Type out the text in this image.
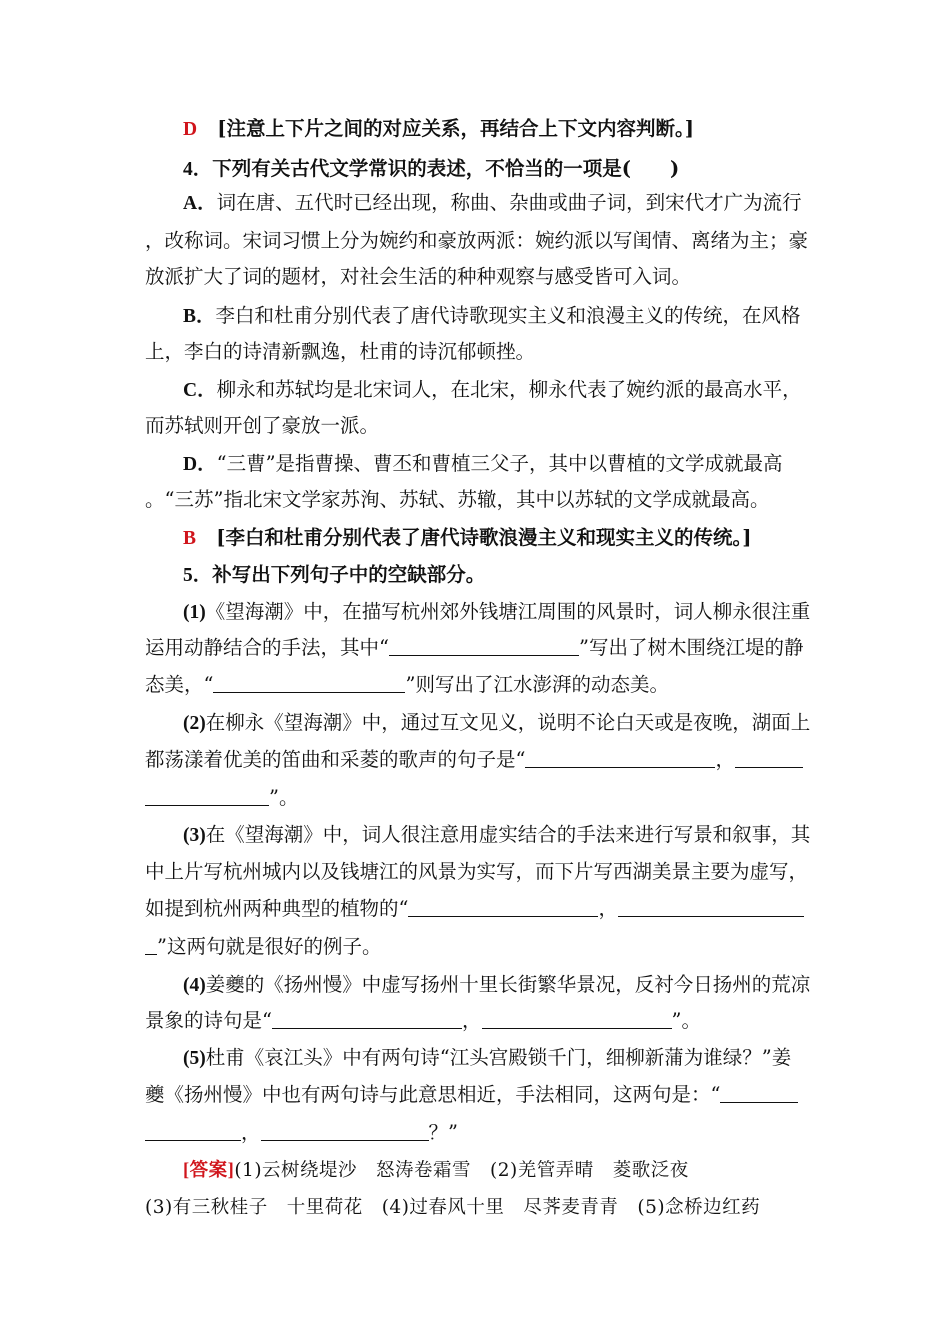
D [注意上下片之间的对应关系，再结合上下文内容判断。]
4．下列有关古代文学常识的表述，不恰当的一项是(　　)
A．词在唐、五代时已经出现，称曲、杂曲或曲子词，到宋代才广为流行
，改称词。宋词习惯上分为婉约和豪放两派：婉约派以写闺情、离绪为主；豪
放派扩大了词的题材，对社会生活的种种观察与感受皆可入词。
B．李白和杜甫分别代表了唐代诗歌现实主义和浪漫主义的传统，在风格
上，李白的诗清新飘逸，杜甫的诗沉郁顿挫。
C．柳永和苏轼均是北宋词人，在北宋，柳永代表了婉约派的最高水平，
而苏轼则开创了豪放一派。
D．“三曹”是指曹操、曹丕和曹植三父子，其中以曹植的文学成就最高
。“三苏”指北宋文学家苏洵、苏轼、苏辙，其中以苏轼的文学成就最高。
B [李白和杜甫分别代表了唐代诗歌浪漫主义和现实主义的传统。]
5．补写出下列句子中的空缺部分。
(1)《望海潮》中，在描写杭州郊外钱塘江周围的风景时，词人柳永很注重
运用动静结合的手法，其中“	”写出了树木围绕江堤的静
态美，“	”则写出了江水澎湃的动态美。
(2)在柳永《望海潮》中，通过互文见义，说明不论白天或是夜晚，湖面上
都荡漾着优美的笛曲和采菱的歌声的句子是“	，
”。
(3)在《望海潮》中，词人很注意用虚实结合的手法来进行写景和叙事，其
中上片写杭州城内以及钱塘江的风景为实写，而下片写西湖美景主要为虚写，
如提到杭州两种典型的植物的“	，
”这两句就是很好的例子。
(4)姜夔的《扬州慢》中虚写扬州十里长街繁华景况，反衬今日扬州的荒凉
景象的诗句是“	，	”。
(5)杜甫《哀江头》中有两句诗“江头宫殿锁千门，细柳新蒲为谁绿？”姜
夔《扬州慢》中也有两句诗与此意思相近，手法相同，这两句是：“
，	？”
[答案](1)云树绕堤沙　怒涛卷霜雪　(2)羌管弄晴　菱歌泛夜
(3)有三秋桂子　十里荷花　(4)过春风十里　尽荠麦青青　(5)念桥边红药
